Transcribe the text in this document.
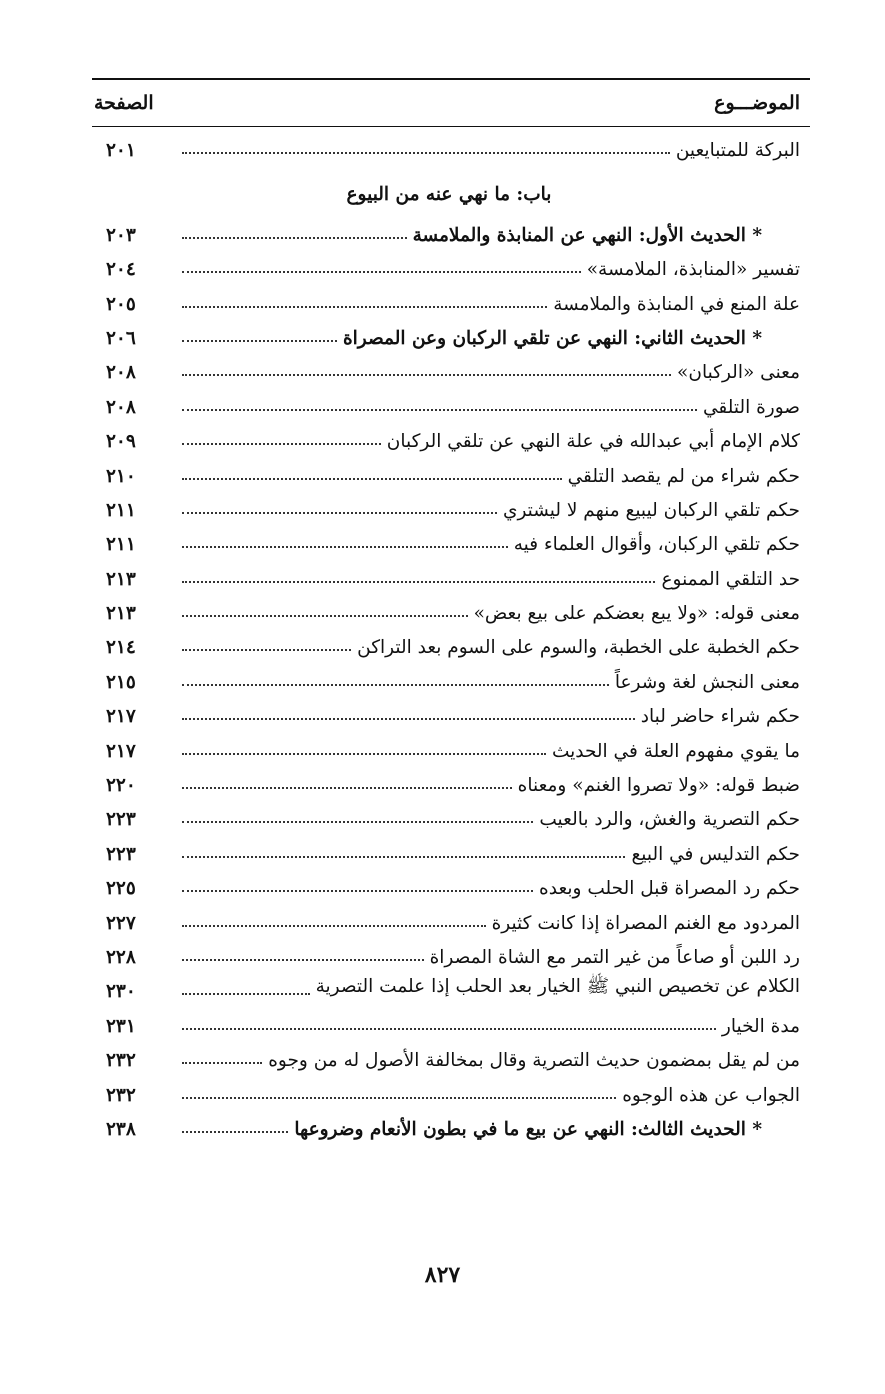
الموضـــوع
الصفحة
البركة للمتبايعين
٢٠١
باب: ما نهي عنه من البيوع
* الحديث الأول: النهي عن المنابذة والملامسة
٢٠٣
تفسير «المنابذة، الملامسة»
٢٠٤
علة المنع في المنابذة والملامسة
٢٠٥
* الحديث الثاني: النهي عن تلقي الركبان وعن المصراة
٢٠٦
معنى «الركبان»
٢٠٨
صورة التلقي
٢٠٨
كلام الإمام أبي عبدالله في علة النهي عن تلقي الركبان
٢٠٩
حكم شراء من لم يقصد التلقي
٢١٠
حكم تلقي الركبان ليبيع منهم لا ليشتري
٢١١
حكم تلقي الركبان، وأقوال العلماء فيه
٢١١
حد التلقي الممنوع
٢١٣
معنى قوله: «ولا يبع بعضكم على بيع بعض»
٢١٣
حكم الخطبة على الخطبة، والسوم على السوم بعد التراكن
٢١٤
معنى النجش لغة وشرعاً
٢١٥
حكم شراء حاضر لباد
٢١٧
ما يقوي مفهوم العلة في الحديث
٢١٧
ضبط قوله: «ولا تصروا الغنم» ومعناه
٢٢٠
حكم التصرية والغش، والرد بالعيب
٢٢٣
حكم التدليس في البيع
٢٢٣
حكم رد المصراة قبل الحلب وبعده
٢٢٥
المردود مع الغنم المصراة إذا كانت كثيرة
٢٢٧
رد اللبن أو صاعاً من غير التمر مع الشاة المصراة
٢٢٨
الكلام عن تخصيص النبي ﷺ الخيار بعد الحلب إذا علمت التصرية
٢٣٠
مدة الخيار
٢٣١
من لم يقل بمضمون حديث التصرية وقال بمخالفة الأصول له من وجوه
٢٣٢
الجواب عن هذه الوجوه
٢٣٢
* الحديث الثالث: النهي عن بيع ما في بطون الأنعام وضروعها
٢٣٨
٨٢٧
